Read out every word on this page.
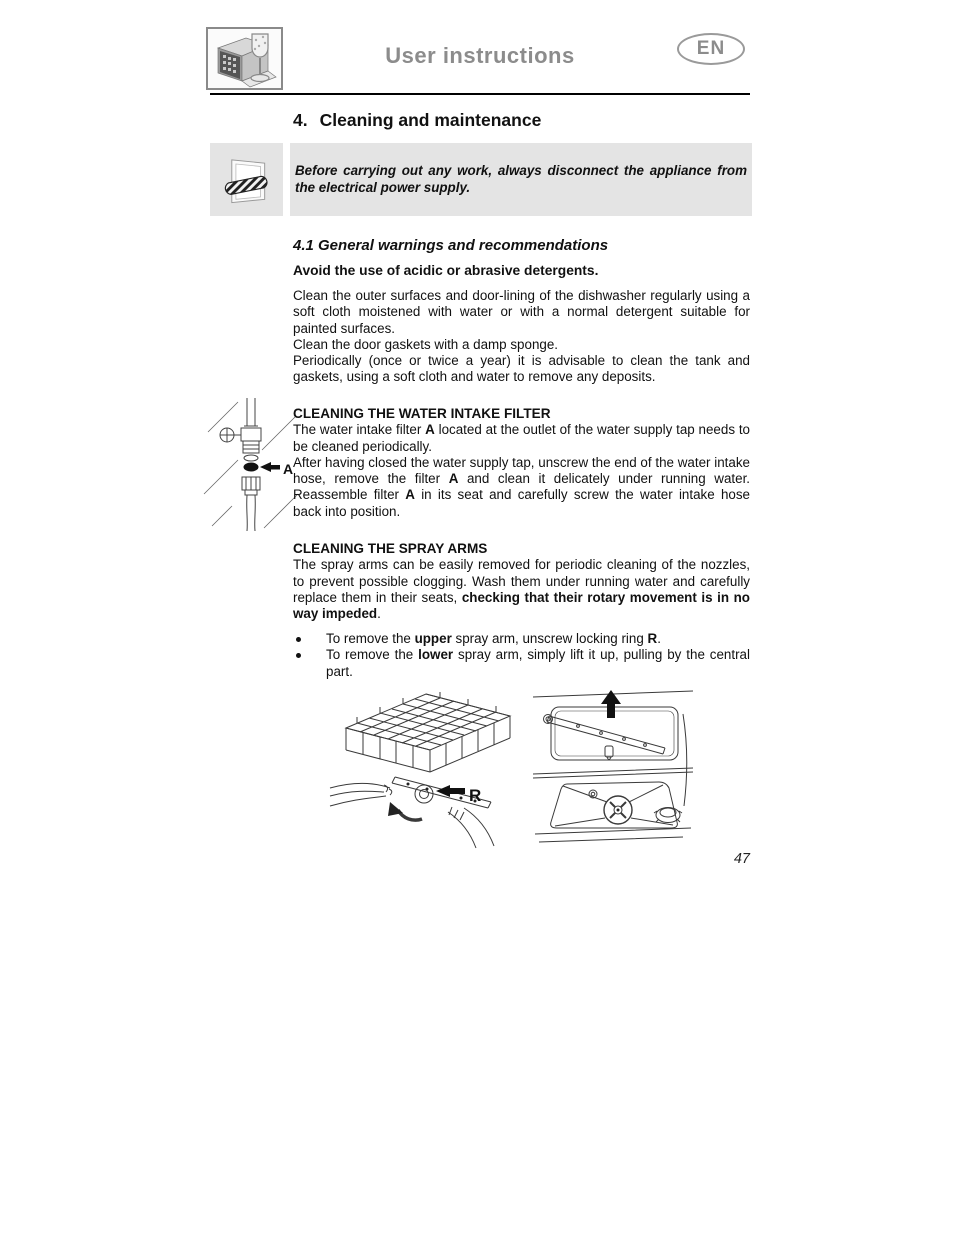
User instructions	EN
4. Cleaning and maintenance
Before carrying out any work, always disconnect the appliance from the electrical power supply.
4.1 General warnings and recommendations
Avoid the use of acidic or abrasive detergents.

Clean the outer surfaces and door-lining of the dishwasher regularly using a soft cloth moistened with water or with a normal detergent suitable for painted surfaces.

Clean the door gaskets with a damp sponge.

Periodically (once or twice a year) it is advisable to clean the tank and gaskets, using a soft cloth and water to remove any deposits.

A

CLEANING THE WATER INTAKE FILTER

The water intake filter A located at the outlet of the water supply tap needs to be cleaned periodically.

After having closed the water supply tap, unscrew the end of the water intake hose, remove the filter A and clean it delicately under running water. Reassemble filter A in its seat and carefully screw the water intake hose back into position.

CLEANING THE SPRAY ARMS

The spray arms can be easily removed for periodic cleaning of the nozzles, to prevent possible clogging. Wash them under running water and carefully replace them in their seats, checking that their rotary movement is in no way impeded.

To remove the upper spray arm, unscrew locking ring R.
To remove the lower spray arm, simply lift it up, pulling by the central part.
R
47
